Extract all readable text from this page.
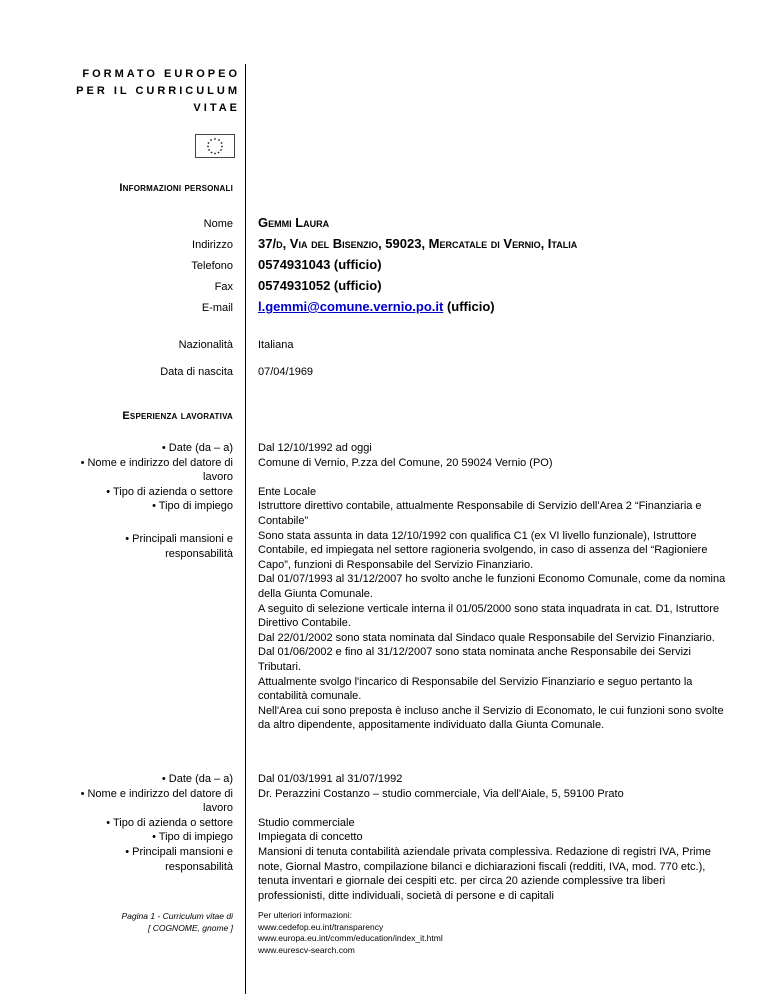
FORMATO EUROPEO
PER IL CURRICULUM
VITAE
Informazioni personali
Nome Gemmi Laura
Indirizzo 37/d, Via del Bisenzio, 59023, Mercatale di Vernio, Italia
Telefono 0574931043 (ufficio)
Fax 0574931052 (ufficio)
E-mail l.gemmi@comune.vernio.po.it (ufficio)
Nazionalità Italiana
Data di nascita 07/04/1969
Esperienza lavorativa

• Date (da – a)

• Nome e indirizzo del datore di lavoro

• Tipo di azienda o settore

• Tipo di impiego

• Principali mansioni e responsabilità

Dal 12/10/1992 ad oggi

Comune di Vernio, P.zza del Comune, 20 59024 Vernio (PO)

Ente Locale

Istruttore direttivo contabile, attualmente Responsabile di Servizio dell'Area 2 “Finanziaria e Contabile”

Sono stata assunta in data 12/10/1992 con qualifica C1 (ex VI livello funzionale), Istruttore Contabile, ed impiegata nel settore ragioneria svolgendo, in caso di assenza del “Ragioniere Capo”, funzioni di Responsabile del Servizio Finanziario.

Dal 01/07/1993 al 31/12/2007 ho svolto anche le funzioni Economo Comunale, come da nomina della Giunta Comunale.

A seguito di selezione verticale interna il 01/05/2000 sono stata inquadrata in cat. D1, Istruttore Direttivo Contabile.

Dal 22/01/2002 sono stata nominata dal Sindaco quale Responsabile del Servizio Finanziario.

Dal 01/06/2002 e fino al 31/12/2007 sono stata nominata anche Responsabile dei Servizi Tributari.

Attualmente svolgo l'incarico di Responsabile del Servizio Finanziario e seguo pertanto la contabilità comunale.

Nell'Area cui sono preposta è incluso anche il Servizio di Economato, le cui funzioni sono svolte da altro dipendente, appositamente individuato dalla Giunta Comunale.

• Date (da – a)

• Nome e indirizzo del datore di lavoro

• Tipo di azienda o settore

• Tipo di impiego

• Principali mansioni e responsabilità

Dal 01/03/1991 al 31/07/1992

Dr. Perazzini Costanzo – studio commerciale, Via dell'Aiale, 5, 59100 Prato

Studio commerciale

Impiegata di concetto

Mansioni di tenuta contabilità aziendale privata complessiva. Redazione di registri IVA, Prime note, Giornal Mastro, compilazione bilanci e dichiarazioni fiscali (redditi, IVA, mod. 770 etc.), tenuta inventari e giornale dei cespiti etc. per circa 20 aziende complessive tra liberi professionisti, ditte individuali, società di persone e di capitali

Pagina 1 - Curriculum vitae di
[ COGNOME, gnome ]
Per ulteriori informazioni:
www.cedefop.eu.int/transparency
www.europa.eu.int/comm/education/index_it.html
www.eurescv-search.com
